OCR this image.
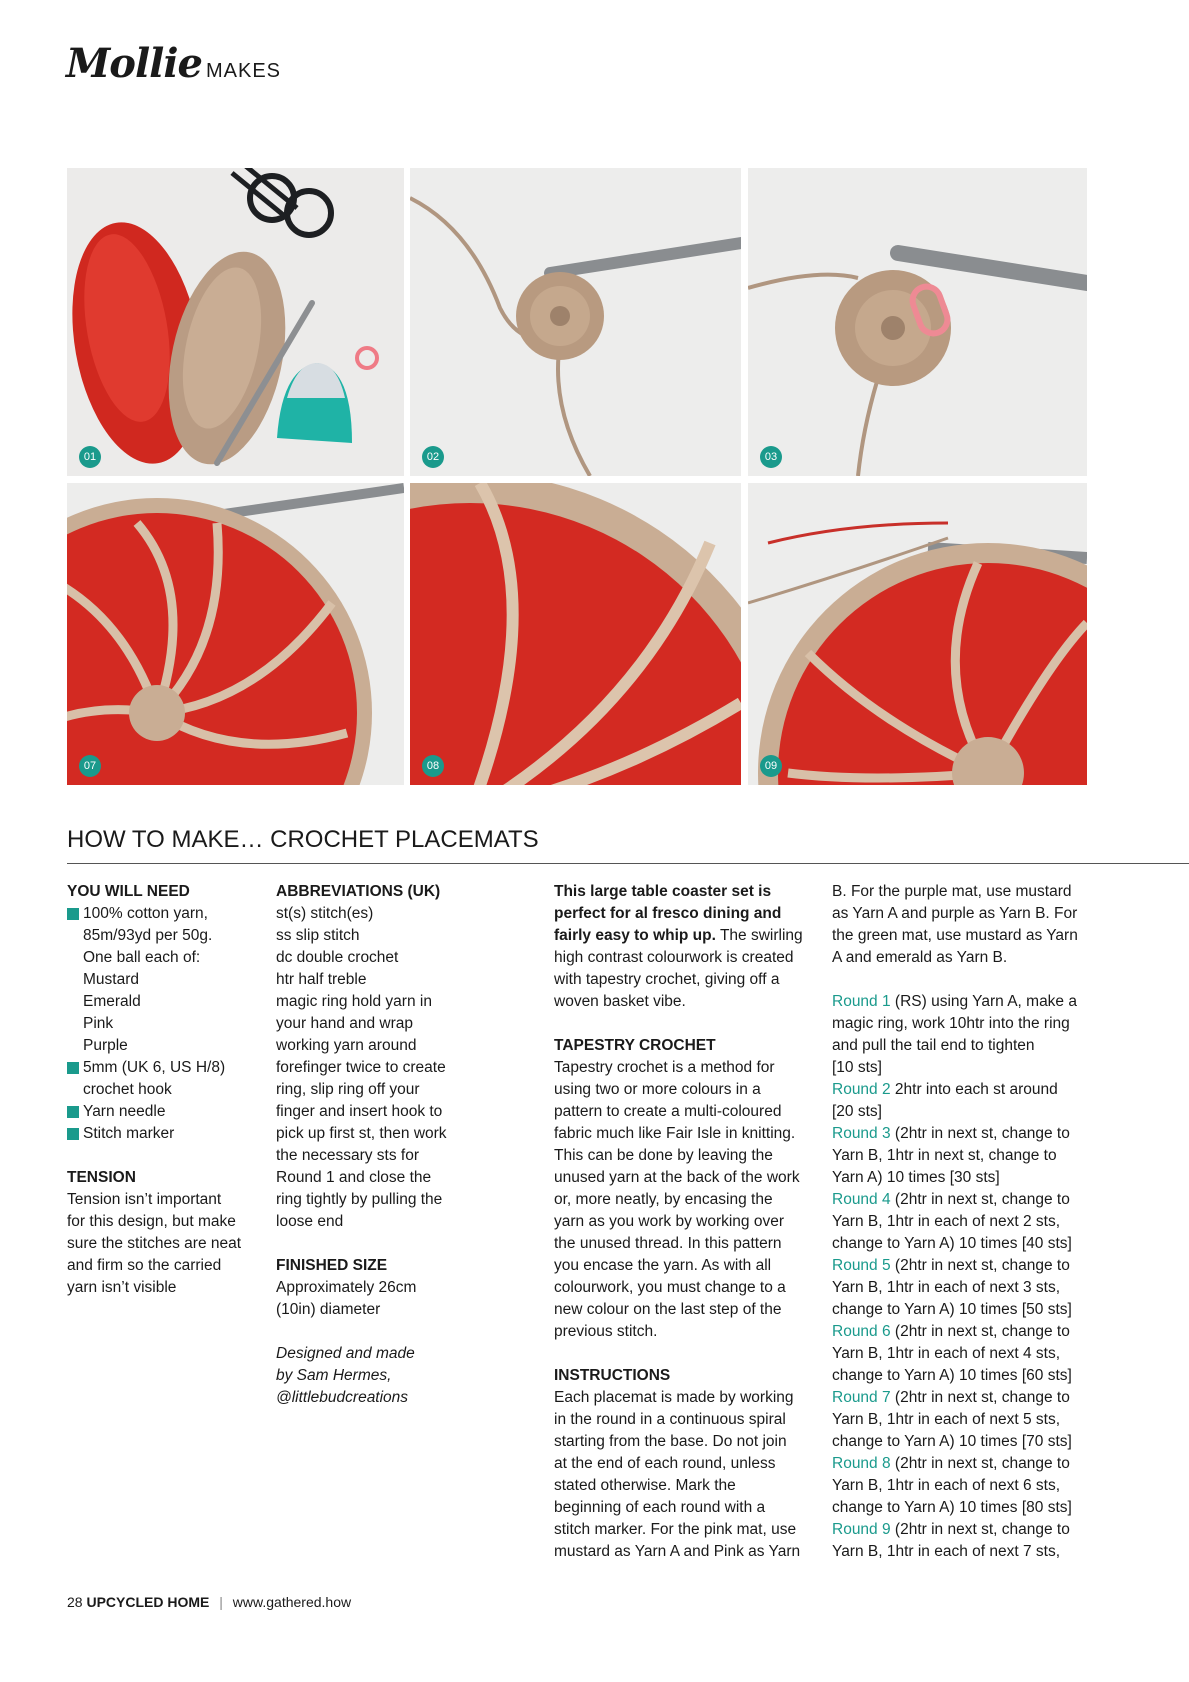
Mollie MAKES
01	02	03
07	08	09
HOW TO MAKE… CROCHET PLACEMATS

YOU WILL NEED

100% cotton yarn,
85m/93yd per 50g.
One ball each of:
Mustard
Emerald
Pink
Purple
5mm (UK 6, US H/8)
crochet hook
Yarn needle
Stitch marker

TENSION

Tension isn’t important
for this design, but make
sure the stitches are neat
and firm so the carried
yarn isn’t visible

ABBREVIATIONS (UK)

st(s) stitch(es)
ss slip stitch
dc double crochet
htr half treble
magic ring hold yarn in
your hand and wrap
working yarn around
forefinger twice to create
ring, slip ring off your
finger and insert hook to
pick up first st, then work
the necessary sts for
Round 1 and close the
ring tightly by pulling the
loose end

FINISHED SIZE

Approximately 26cm
(10in) diameter
Designed and made
by Sam Hermes,
@littlebudcreations
This large table coaster set is
perfect for al fresco dining and
fairly easy to whip up. The swirling
high contrast colourwork is created
with tapestry crochet, giving off a
woven basket vibe.

TAPESTRY CROCHET

Tapestry crochet is a method for
using two or more colours in a
pattern to create a multi-coloured
fabric much like Fair Isle in knitting.
This can be done by leaving the
unused yarn at the back of the work
or, more neatly, by encasing the
yarn as you work by working over
the unused thread. In this pattern
you encase the yarn. As with all
colourwork, you must change to a
new colour on the last step of the
previous stitch.

INSTRUCTIONS

Each placemat is made by working
in the round in a continuous spiral
starting from the base. Do not join
at the end of each round, unless
stated otherwise. Mark the
beginning of each round with a
stitch marker. For the pink mat, use
mustard as Yarn A and Pink as Yarn
B. For the purple mat, use mustard
as Yarn A and purple as Yarn B. For
the green mat, use mustard as Yarn
A and emerald as Yarn B.
Round 1 (RS) using Yarn A, make a
magic ring, work 10htr into the ring
and pull the tail end to tighten
[10 sts]
Round 2 2htr into each st around
[20 sts]
Round 3 (2htr in next st, change to
Yarn B, 1htr in next st, change to
Yarn A) 10 times [30 sts]
Round 4 (2htr in next st, change to
Yarn B, 1htr in each of next 2 sts,
change to Yarn A) 10 times [40 sts]
Round 5 (2htr in next st, change to
Yarn B, 1htr in each of next 3 sts,
change to Yarn A) 10 times [50 sts]
Round 6 (2htr in next st, change to
Yarn B, 1htr in each of next 4 sts,
change to Yarn A) 10 times [60 sts]
Round 7 (2htr in next st, change to
Yarn B, 1htr in each of next 5 sts,
change to Yarn A) 10 times [70 sts]
Round 8 (2htr in next st, change to
Yarn B, 1htr in each of next 6 sts,
change to Yarn A) 10 times [80 sts]
Round 9 (2htr in next st, change to
Yarn B, 1htr in each of next 7 sts,
28 UPCYCLED HOME | www.gathered.how
